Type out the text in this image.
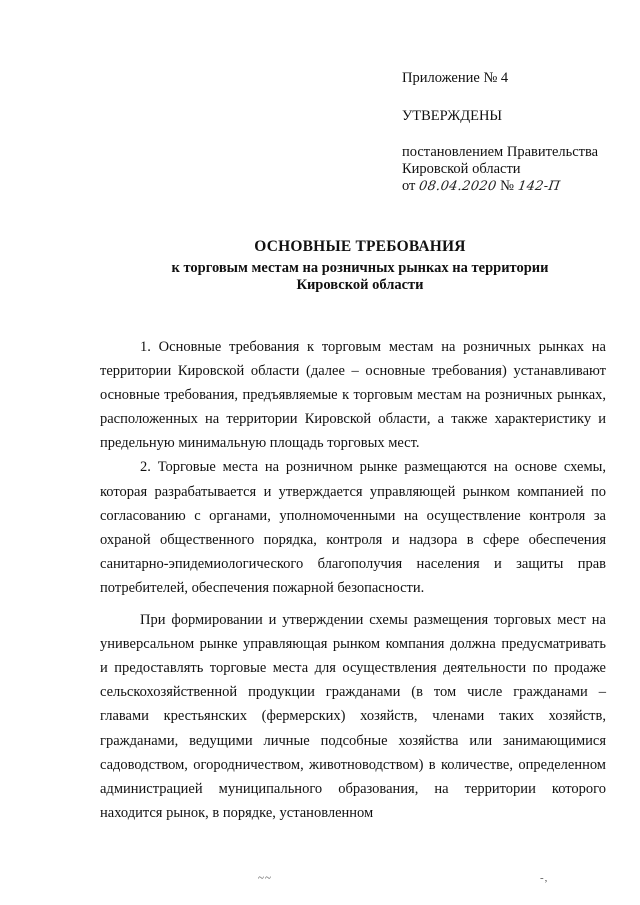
Приложение № 4
УТВЕРЖДЕНЫ
постановлением Правительства
Кировской области
от 08.04.2020 № 142-П
ОСНОВНЫЕ ТРЕБОВАНИЯ
к торговым местам на розничных рынках на территории
Кировской области

1. Основные требования к торговым местам на розничных рынках на территории Кировской области (далее – основные требования) устанавливают основные требования, предъявляемые к торговым местам на розничных рынках, расположенных на территории Кировской области, а также характеристику и предельную минимальную площадь торговых мест.

2. Торговые места на розничном рынке размещаются на основе схемы, которая разрабатывается и утверждается управляющей рынком компанией по согласованию с органами, уполномоченными на осуществление контроля за охраной общественного порядка, контроля и надзора в сфере обеспечения санитарно-эпидемиологического благополучия населения и защиты прав потребителей, обеспечения пожарной безопасности.

При формировании и утверждении схемы размещения торговых мест на универсальном рынке управляющая рынком компания должна предусматривать и предоставлять торговые места для осуществления деятельности по продаже сельскохозяйственной продукции гражданами (в том числе гражданами – главами крестьянских (фермерских) хозяйств, членами таких хозяйств, гражданами, ведущими личные подсобные хозяйства или занимающимися садоводством, огородничеством, животноводством) в количестве, определенном администрацией муниципального образования, на территории которого находится рынок, в порядке, установленном

~~	-,
